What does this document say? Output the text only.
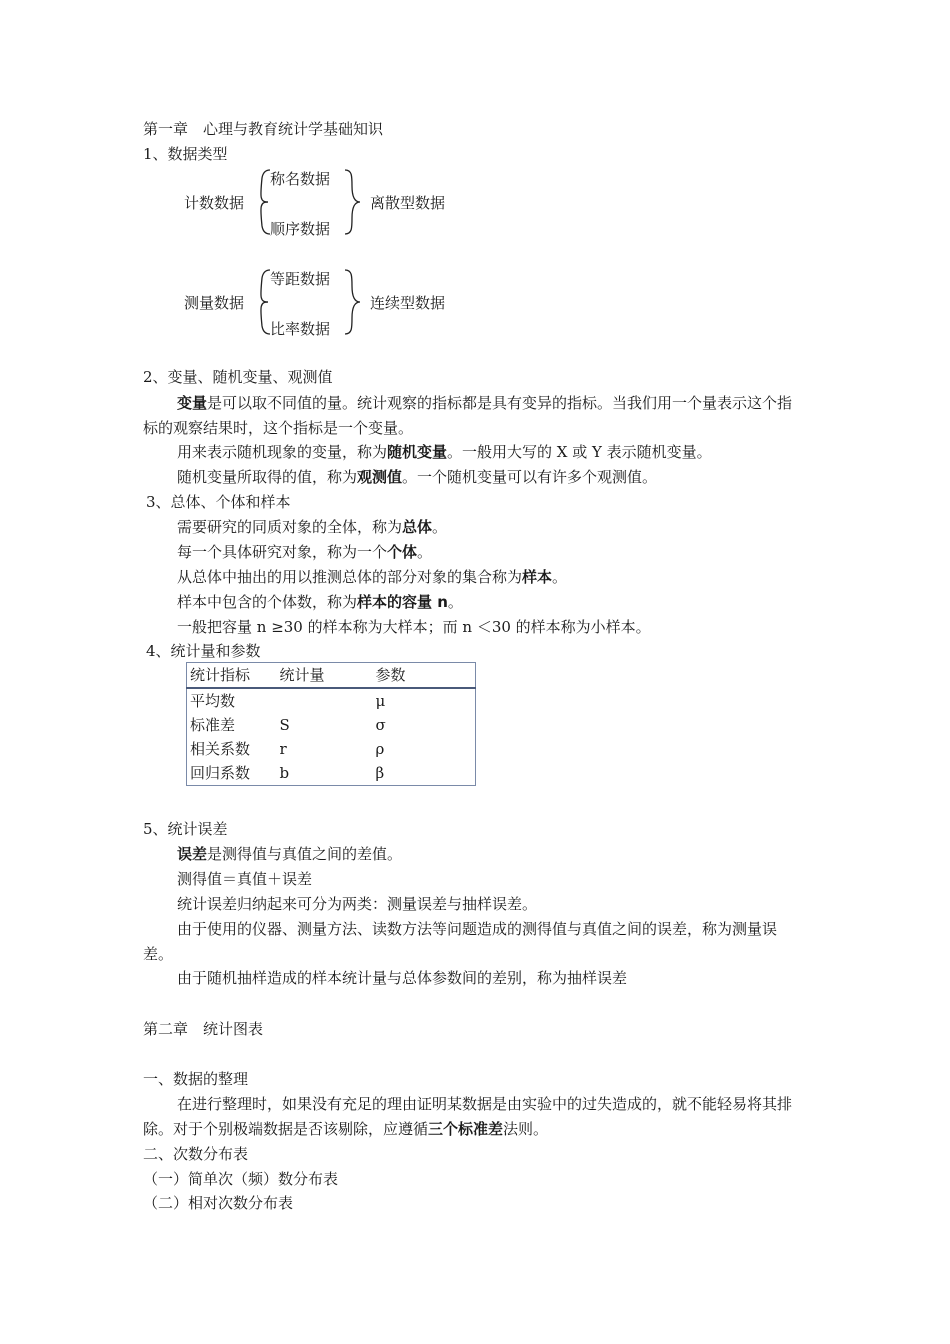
第一章　心理与教育统计学基础知识
1、数据类型
计数数据
称名数据
顺序数据
离散型数据
测量数据
等距数据
比率数据
连续型数据
2、变量、随机变量、观测值
变量是可以取不同值的量。统计观察的指标都是具有变异的指标。当我们用一个量表示这个指标的观察结果时，这个指标是一个变量。
用来表示随机现象的变量，称为随机变量。一般用大写的 X 或 Y 表示随机变量。
随机变量所取得的值，称为观测值。一个随机变量可以有许多个观测值。
3、总体、个体和样本
需要研究的同质对象的全体，称为总体。
每一个具体研究对象，称为一个个体。
从总体中抽出的用以推测总体的部分对象的集合称为样本。
样本中包含的个体数，称为样本的容量 n。
一般把容量 n ≥30 的样本称为大样本；而 n ＜30 的样本称为小样本。
4、统计量和参数
统计指标	统计量	参数
平均数		μ
标准差	S	σ
相关系数	r	ρ
回归系数	b	β
5、统计误差
误差是测得值与真值之间的差值。
测得值＝真值＋误差
统计误差归纳起来可分为两类：测量误差与抽样误差。
由于使用的仪器、测量方法、读数方法等问题造成的测得值与真值之间的误差，称为测量误差。
由于随机抽样造成的样本统计量与总体参数间的差别，称为抽样误差
第二章　统计图表
一、数据的整理
在进行整理时，如果没有充足的理由证明某数据是由实验中的过失造成的，就不能轻易将其排除。对于个别极端数据是否该剔除，应遵循三个标准差法则。
二、次数分布表
（一）简单次（频）数分布表
（二）相对次数分布表
